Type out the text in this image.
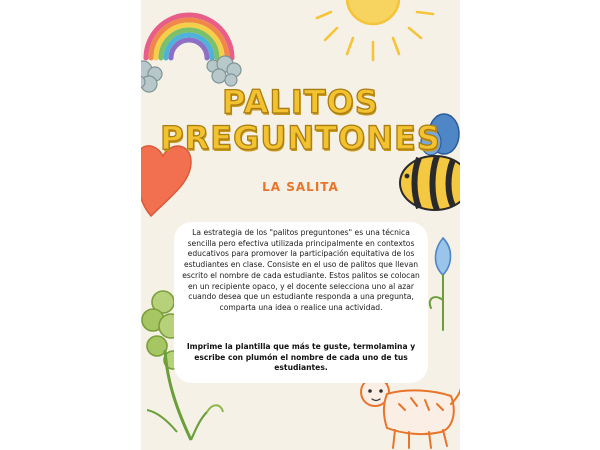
PALITOS
PREGUNTONES
LA SALITA

La estrategia de los "palitos preguntones" es una técnica sencilla pero efectiva utilizada principalmente en contextos educativos para promover la participación equitativa de los estudiantes en clase. Consiste en el uso de palitos que llevan escrito el nombre de cada estudiante. Estos palitos se colocan en un recipiente opaco, y el docente selecciona uno al azar cuando desea que un estudiante responda a una pregunta, comparta una idea o realice una actividad.

Imprime la plantilla que más te guste, termolamina y escribe con plumón el nombre de cada uno de tus estudiantes.
